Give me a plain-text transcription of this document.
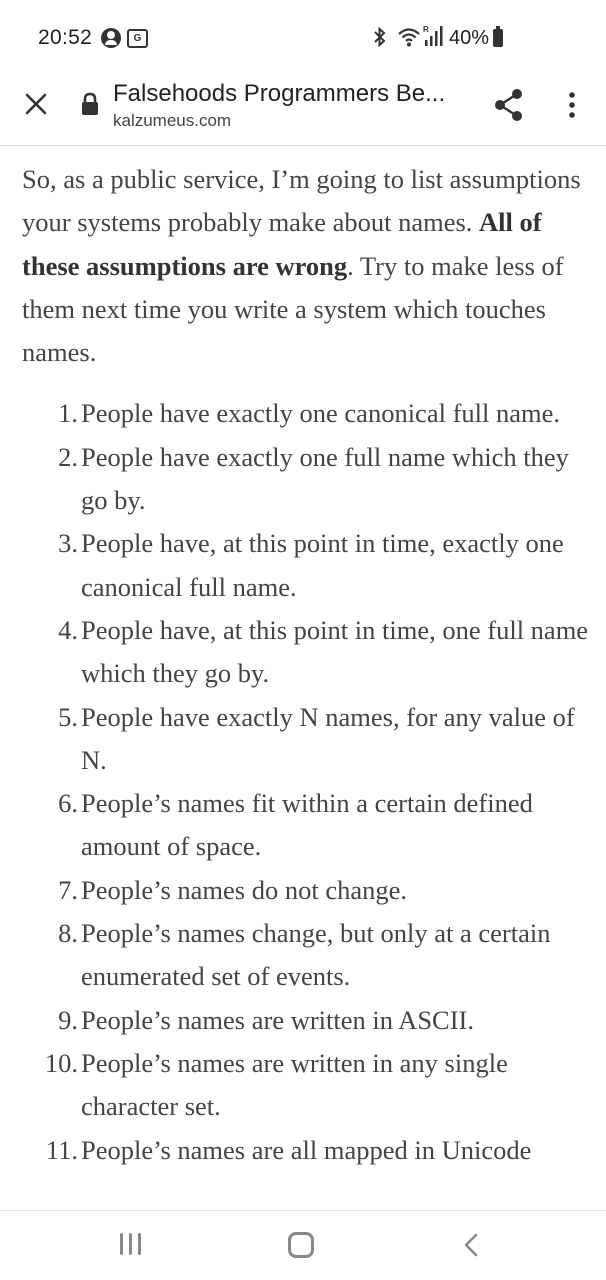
20:52	G
R 40%
Falsehoods Programmers Be...
kalzumeus.com

So, as a public service, I’m going to list assumptions your systems probably make about names. All of these assumptions are wrong. Try to make less of them next time you write a system which touches names.

1. People have exactly one canonical full name.
2. People have exactly one full name which they go by.
3. People have, at this point in time, exactly one canonical full name.
4. People have, at this point in time, one full name which they go by.
5. People have exactly N names, for any value of N.
6. People’s names fit within a certain defined amount of space.
7. People’s names do not change.
8. People’s names change, but only at a certain enumerated set of events.
9. People’s names are written in ASCII.
10. People’s names are written in any single character set.
11. People’s names are all mapped in Unicode
